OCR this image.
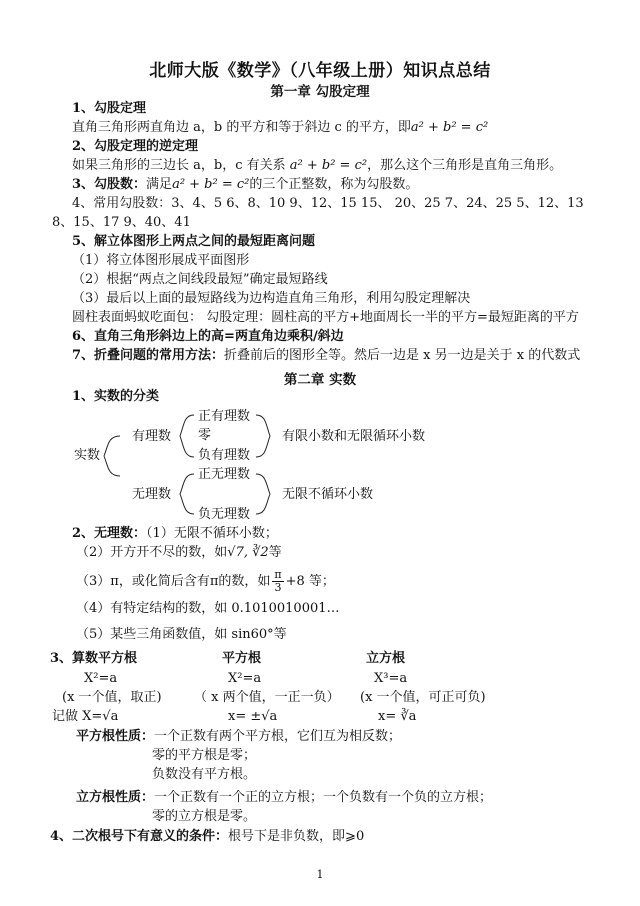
北师大版《数学》（八年级上册）知识点总结
第一章 勾股定理
1、勾股定理
直角三角形两直角边 a，b 的平方和等于斜边 c 的平方，即a² + b² = c²
2、勾股定理的逆定理
如果三角形的三边长 a，b，c 有关系 a² + b² = c²，那么这个三角形是直角三角形。
3、勾股数：满足a² + b² = c²的三个正整数，称为勾股数。
4、常用勾股数：3、4、5 6、8、10 9、12、15 15、 20、25 7、24、25 5、12、13
8、15、17 9、40、41
5、解立体图形上两点之间的最短距离问题
（1）将立体图形展成平面图形
（2）根据“两点之间线段最短”确定最短路线
（3）最后以上面的最短路线为边构造直角三角形，利用勾股定理解决
圆柱表面蚂蚁吃面包： 勾股定理：圆柱高的平方+地面周长一半的平方=最短距离的平方
6、直角三角形斜边上的高=两直角边乘积/斜边
7、折叠问题的常用方法：折叠前后的图形全等。然后一边是 x 另一边是关于 x 的代数式
第二章 实数
1、实数的分类
实数
有理数
正有理数
零
负有理数
有限小数和无限循环小数
无理数
正无理数
负无理数
无限不循环小数
2、无理数：（1）无限不循环小数；
（2）开方开不尽的数，如√7, ∛2等
（3）π，或化简后含有π的数，如 $\frac{\pi}{3} +8$ 等；
（4）有特定结构的数，如 0.1010010001…
（5）某些三角函数值，如 sin60°等
3、算数平方根	平方根	立方根
X²=a	X²=a	X³=a
(x 一个值，取正) （ x 两个值，一正一负） (x 一个值，可正可负)
记做 X=√a	x= ±√a	x= ∛a
平方根性质：一个正数有两个平方根，它们互为相反数；
零的平方根是零；
负数没有平方根。
立方根性质：一个正数有一个正的立方根；一个负数有一个负的立方根；
零的立方根是零。
4、二次根号下有意义的条件：根号下是非负数，即⩾0
1
